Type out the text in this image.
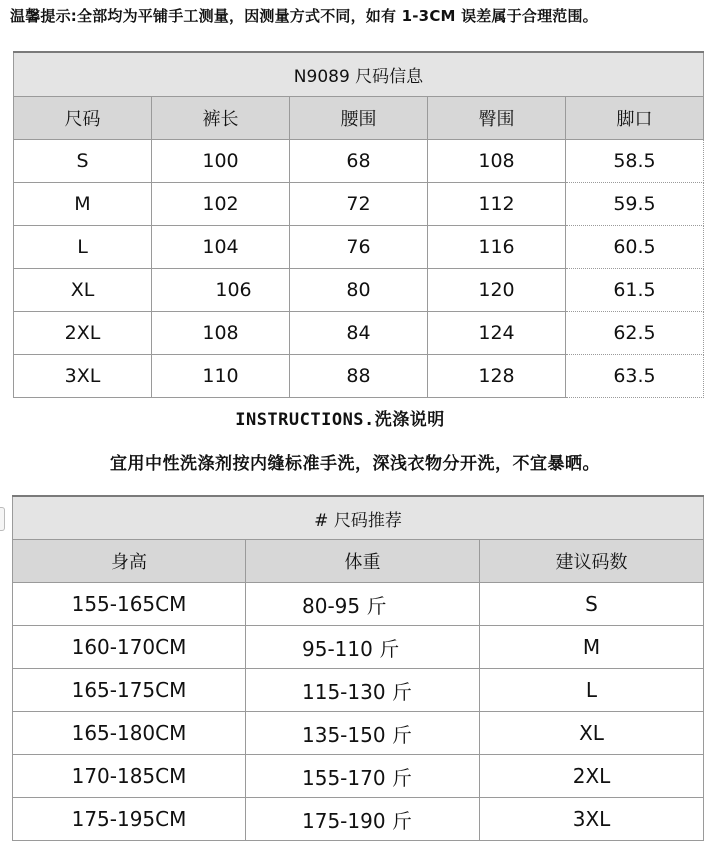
温馨提示:全部均为平铺手工测量，因测量方式不同，如有 1-3CM 误差属于合理范围。
N9089 尺码信息				
尺码	裤长	腰围	臀围	脚口
S	100	68	108	58.5
M	102	72	112	59.5
L	104	76	116	60.5
XL	106	80	120	61.5
2XL	108	84	124	62.5
3XL	110	88	128	63.5
INSTRUCTIONS.洗涤说明
宜用中性洗涤剂按内缝标准手洗，深浅衣物分开洗，不宜暴晒。
# 尺码推荐		
身高	体重	建议码数
155-165CM	80-95 斤	S
160-170CM	95-110 斤	M
165-175CM	115-130 斤	L
165-180CM	135-150 斤	XL
170-185CM	155-170 斤	2XL
175-195CM	175-190 斤	3XL
